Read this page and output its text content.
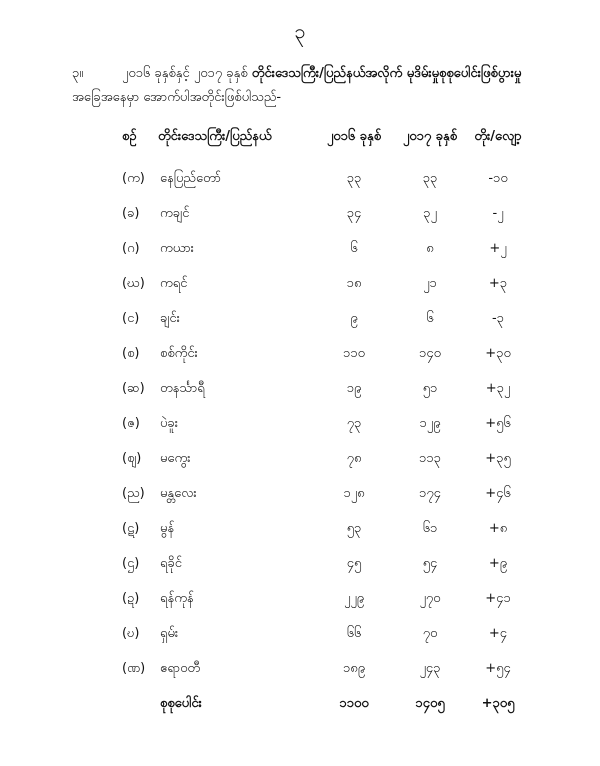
၃
၃။	၂၀၁၆ ခုနှစ်နှင့် ၂၀၁၇ ခုနှစ် တိုင်းဒေသကြီး/ပြည်နယ်အလိုက် မုဒိမ်းမှုစုစုပေါင်းဖြစ်ပွားမှု
အခြေအနေမှာ အောက်ပါအတိုင်းဖြစ်ပါသည်-
စဉ် တိုင်းဒေသကြီး/ပြည်နယ်	၂၀၁၆ ခုနှစ်	၂၀၁၇ ခုနှစ်	တိုး/လျော့
(က) နေပြည်တော်	၃၃	၃၃	-၁၀
(ခ) ကချင်	၃၄	၃၂	-၂
(ဂ) ကယား	၆	၈	+၂
(ဃ) ကရင်	၁၈	၂၁	+၃
(င) ချင်း	၉	၆	-၃
(စ) စစ်ကိုင်း	၁၁၀	၁၄၀	+၃၀
(ဆ) တနင်္သာရီ	၁၉	၅၁	+၃၂
(ဇ) ပဲခူး	၇၃	၁၂၉	+၅၆
(ဈ) မကွေး	၇၈	၁၁၃	+၃၅
(ည) မန္တလေး	၁၂၈	၁၇၄	+၄၆
(ဋ) မွန်	၅၃	၆၁	+၈
(ဌ) ရခိုင်	၄၅	၅၄	+၉
(ဍ) ရန်ကုန်	၂၂၉	၂၇၀	+၄၁
(ဎ) ရှမ်း	၆၆	၇၀	+၄
(ဏ) ဧရာဝတီ	၁၈၉	၂၄၃	+၅၄
စုစုပေါင်း	၁၁၀၀	၁၄၀၅	+၃၀၅
